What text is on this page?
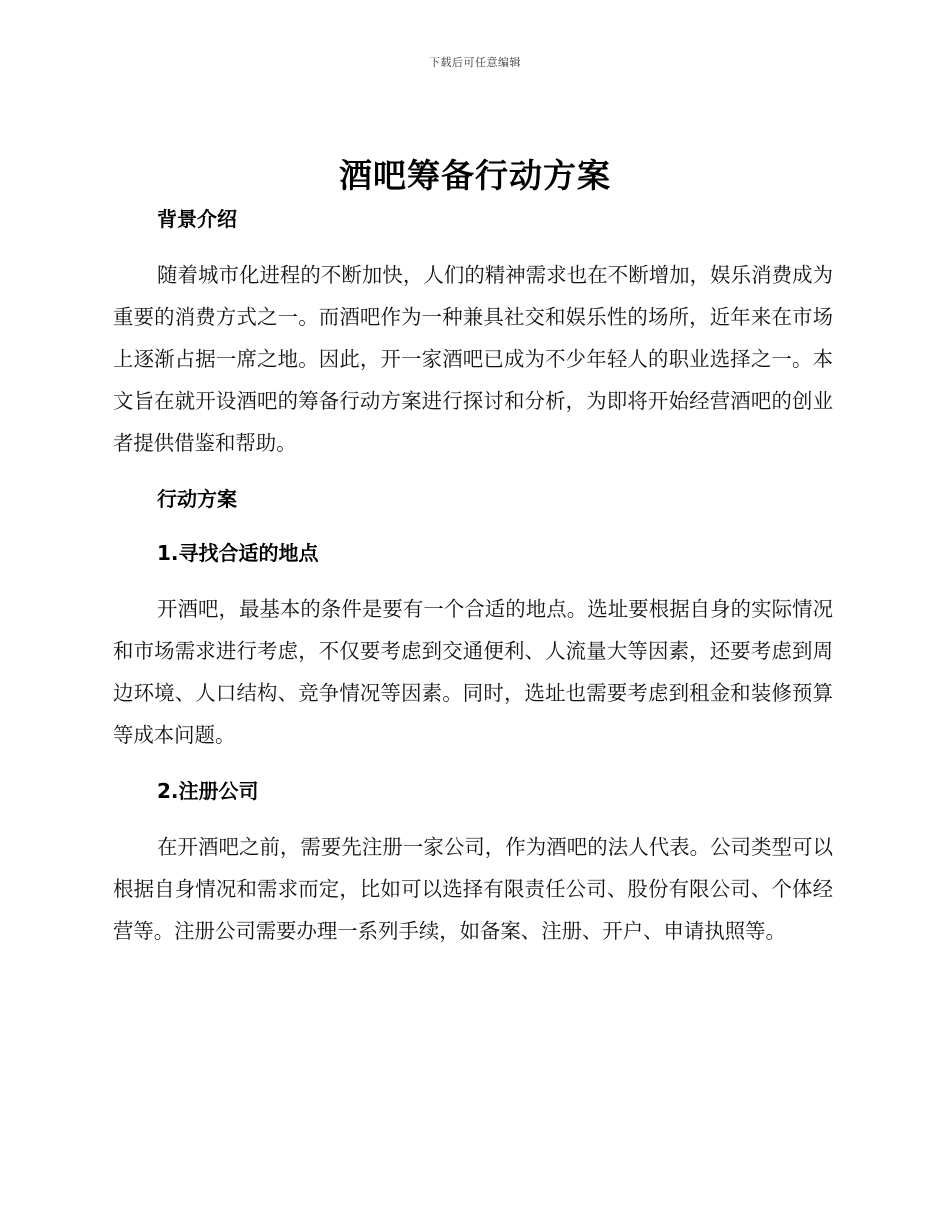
下载后可任意编辑
酒吧筹备行动方案
背景介绍

随着城市化进程的不断加快，人们的精神需求也在不断增加，娱乐消费成为重要的消费方式之一。而酒吧作为一种兼具社交和娱乐性的场所，近年来在市场上逐渐占据一席之地。因此，开一家酒吧已成为不少年轻人的职业选择之一。本文旨在就开设酒吧的筹备行动方案进行探讨和分析，为即将开始经营酒吧的创业者提供借鉴和帮助。

行动方案
1.寻找合适的地点

开酒吧，最基本的条件是要有一个合适的地点。选址要根据自身的实际情况和市场需求进行考虑，不仅要考虑到交通便利、人流量大等因素，还要考虑到周边环境、人口结构、竞争情况等因素。同时，选址也需要考虑到租金和装修预算等成本问题。

2.注册公司

在开酒吧之前，需要先注册一家公司，作为酒吧的法人代表。公司类型可以根据自身情况和需求而定，比如可以选择有限责任公司、股份有限公司、个体经营等。注册公司需要办理一系列手续，如备案、注册、开户、申请执照等。
